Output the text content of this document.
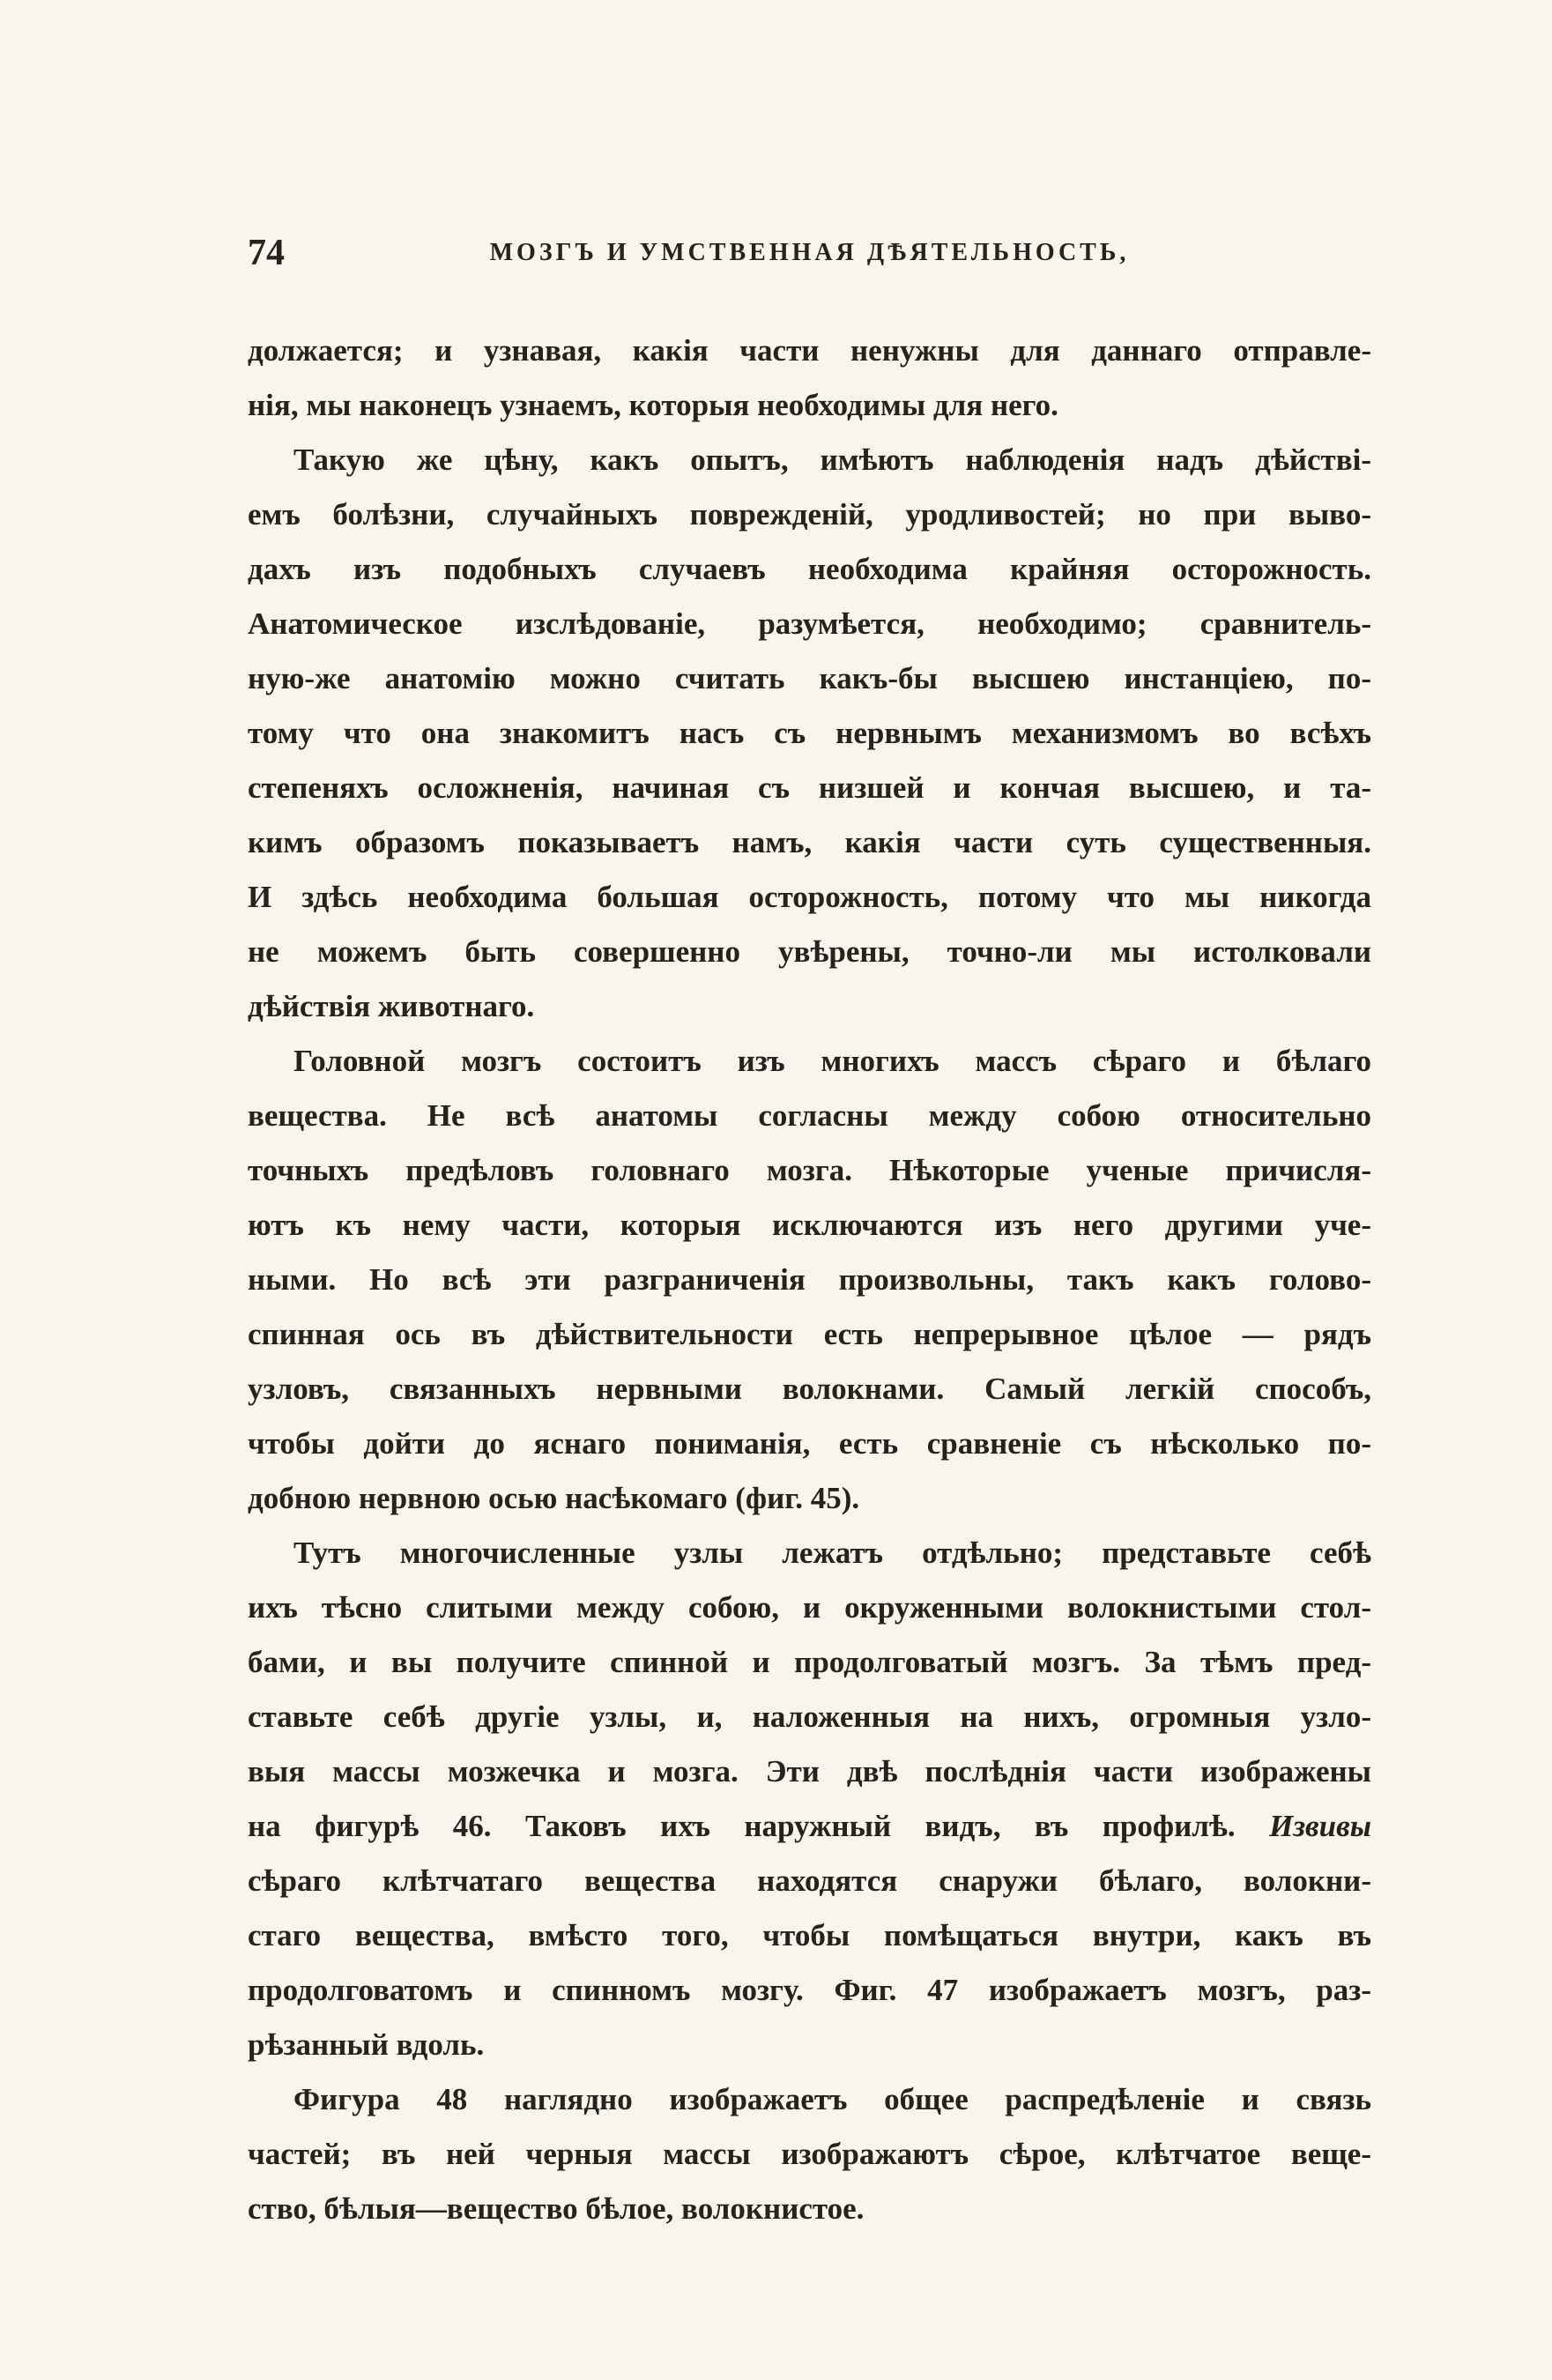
74	МОЗГЪ И УМСТВЕННАЯ ДѢЯТЕЛЬНОСТЬ,
должается; и узнавая, какія части ненужны для даннаго отправле-
нія, мы наконецъ узнаемъ, которыя необходимы для него.
Такую же цѣну, какъ опытъ, имѣютъ наблюденія надъ дѣйстві-
емъ болѣзни, случайныхъ поврежденій, уродливостей; но при выво-
дахъ изъ подобныхъ случаевъ необходима крайняя осторожность.
Анатомическое изслѣдованіе, разумѣется, необходимо; сравнитель-
ную-же анатомію можно считать какъ-бы высшею инстанціею, по-
тому что она знакомитъ насъ съ нервнымъ механизмомъ во всѣхъ
степеняхъ осложненія, начиная съ низшей и кончая высшею, и та-
кимъ образомъ показываетъ намъ, какія части суть существенныя.
И здѣсь необходима большая осторожность, потому что мы никогда
не можемъ быть совершенно увѣрены, точно-ли мы истолковали
дѣйствія животнаго.
Головной мозгъ состоитъ изъ многихъ массъ сѣраго и бѣлаго
вещества. Не всѣ анатомы согласны между собою относительно
точныхъ предѣловъ головнаго мозга. Нѣкоторые ученые причисля-
ютъ къ нему части, которыя исключаются изъ него другими уче-
ными. Но всѣ эти разграниченія произвольны, такъ какъ голово-
спинная ось въ дѣйствительности есть непрерывное цѣлое — рядъ
узловъ, связанныхъ нервными волокнами. Самый легкій способъ,
чтобы дойти до яснаго пониманія, есть сравненіе съ нѣсколько по-
добною нервною осью насѣкомаго (фиг. 45).
Тутъ многочисленные узлы лежатъ отдѣльно; представьте себѣ
ихъ тѣсно слитыми между собою, и окруженными волокнистыми стол-
бами, и вы получите спинной и продолговатый мозгъ. За тѣмъ пред-
ставьте себѣ другіе узлы, и, наложенныя на нихъ, огромныя узло-
выя массы мозжечка и мозга. Эти двѣ послѣднія части изображены
на фигурѣ 46. Таковъ ихъ наружный видъ, въ профилѣ. Извивы
сѣраго клѣтчатаго вещества находятся снаружи бѣлаго, волокни-
стаго вещества, вмѣсто того, чтобы помѣщаться внутри, какъ въ
продолговатомъ и спинномъ мозгу. Фиг. 47 изображаетъ мозгъ, раз-
рѣзанный вдоль.
Фигура 48 наглядно изображаетъ общее распредѣленіе и связь
частей; въ ней черныя массы изображаютъ сѣрое, клѣтчатое веще-
ство, бѣлыя—вещество бѣлое, волокнистое.
